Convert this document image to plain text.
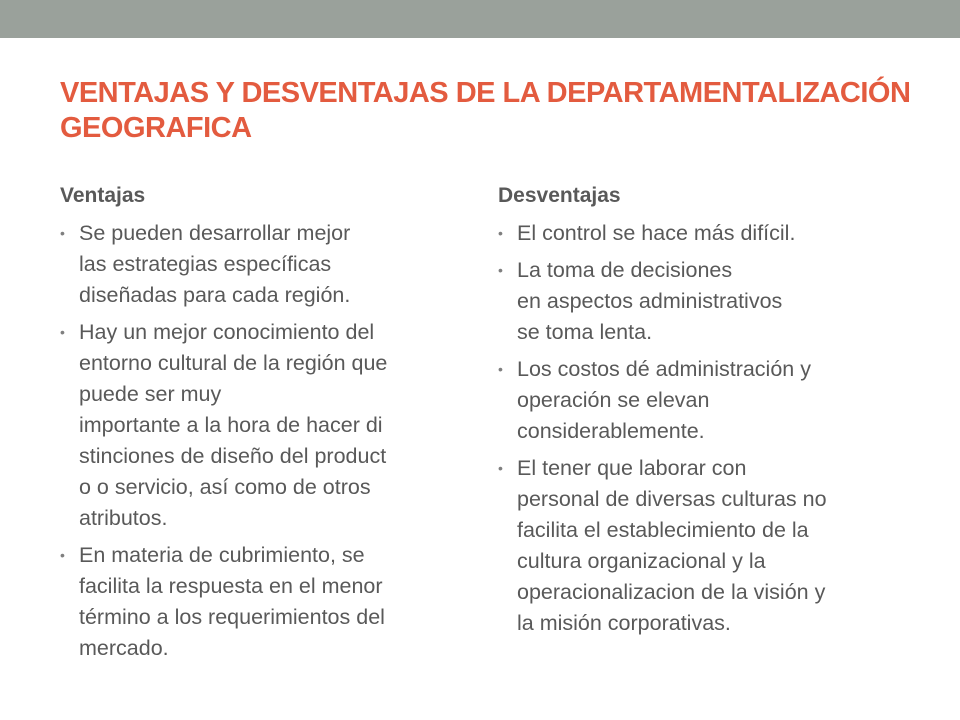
VENTAJAS Y DESVENTAJAS DE LA DEPARTAMENTALIZACIÓN GEOGRAFICA
Ventajas
• Se pueden desarrollar mejor
las estrategias específicas
diseñadas para cada región.
• Hay un mejor conocimiento del
entorno cultural de la región que
puede ser muy
importante a la hora de hacer di
stinciones de diseño del product
o o servicio, así como de otros
atributos.
• En materia de cubrimiento, se
facilita la respuesta en el menor
término a los requerimientos del
mercado.
Desventajas
• El control se hace más difícil.
• La toma de decisiones
en aspectos administrativos
se toma lenta.
• Los costos dé administración y
operación se elevan
considerablemente.
• El tener que laborar con
personal de diversas culturas no
facilita el establecimiento de la
cultura organizacional y la
operacionalizacion de la visión y
la misión corporativas.
